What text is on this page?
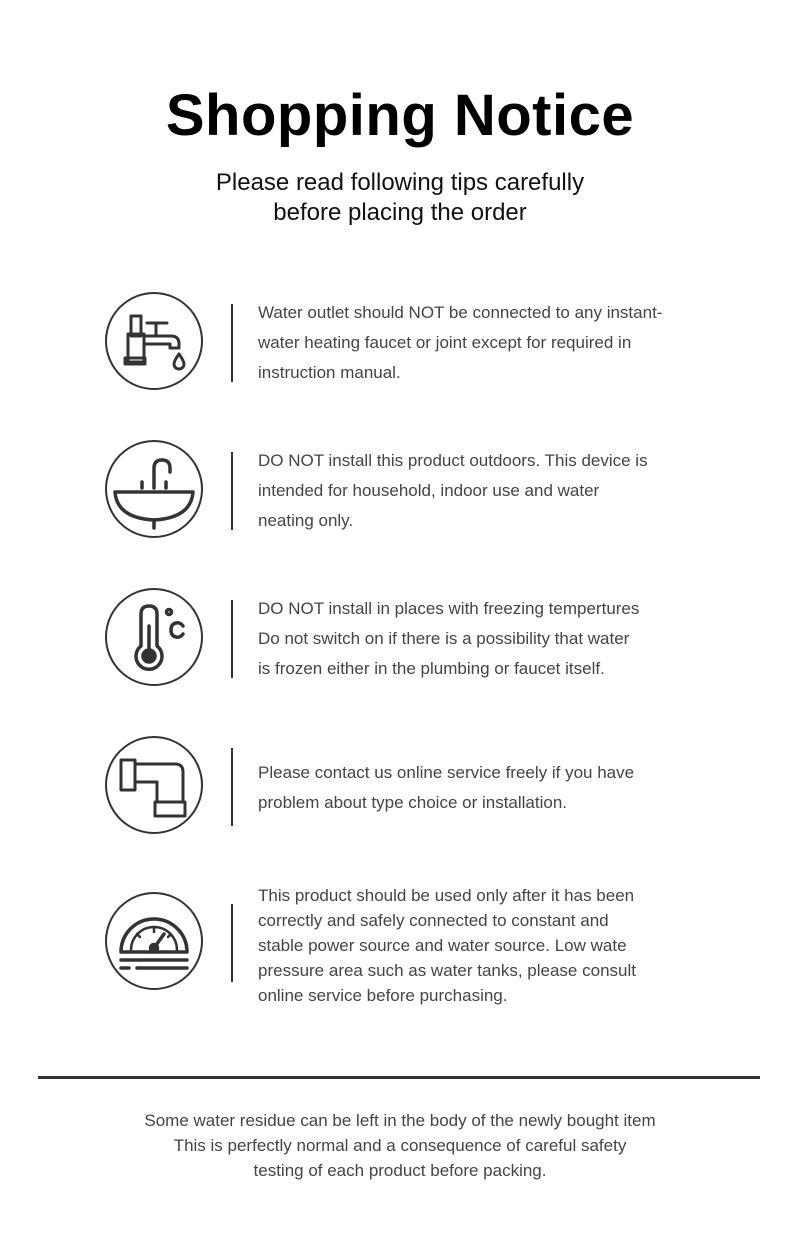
Shopping Notice
Please read following tips carefully
before placing the order
Water outlet should NOT be connected to any instant-
water heating faucet or joint except for required in
instruction manual.
DO NOT install this product outdoors. This device is
intended for household, indoor use and water
neating only.
DO NOT install in places with freezing tempertures
Do not switch on if there is a possibility that water
is frozen either in the plumbing or faucet itself.
Please contact us online service freely if you have
problem about type choice or installation.
This product should be used only after it has been
correctly and safely connected to constant and
stable power source and water source. Low wate
pressure area such as water tanks, please consult
online service before purchasing.
Some water residue can be left in the body of the newly bought item
This is perfectly normal and a consequence of careful safety
testing of each product before packing.
